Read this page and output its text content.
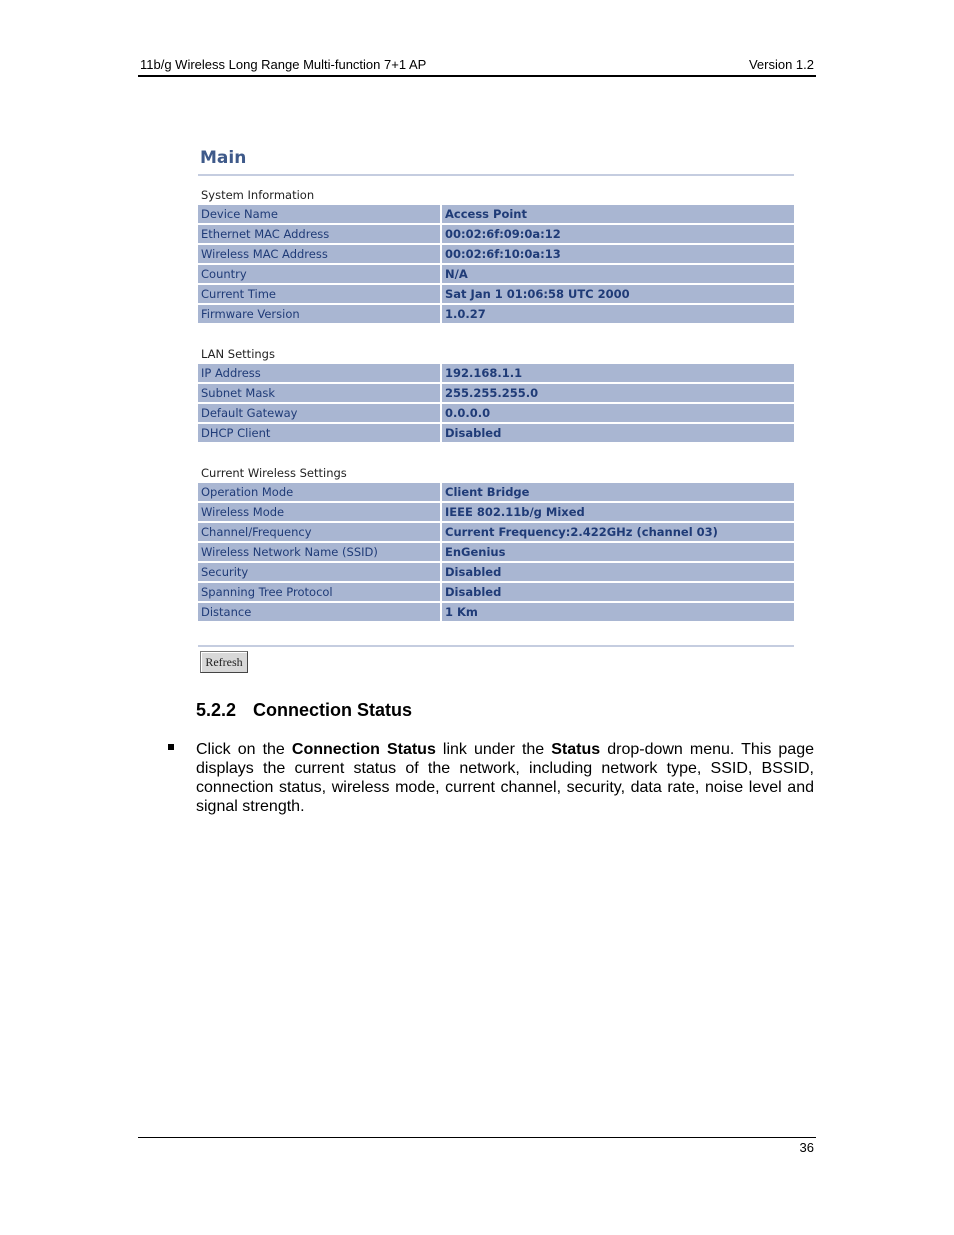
11b/g Wireless Long Range Multi-function 7+1 AP	Version 1.2
Main
System Information
Device Name	Access Point
Ethernet MAC Address	00:02:6f:09:0a:12
Wireless MAC Address	00:02:6f:10:0a:13
Country	N/A
Current Time	Sat Jan 1 01:06:58 UTC 2000
Firmware Version	1.0.27
LAN Settings
IP Address	192.168.1.1
Subnet Mask	255.255.255.0
Default Gateway	0.0.0.0
DHCP Client	Disabled
Current Wireless Settings
Operation Mode	Client Bridge
Wireless Mode	IEEE 802.11b/g Mixed
Channel/Frequency	Current Frequency:2.422GHz (channel 03)
Wireless Network Name (SSID)	EnGenius
Security	Disabled
Spanning Tree Protocol	Disabled
Distance	1 Km
Refresh
5.2.2 Connection Status
Click on the Connection Status link under the Status drop-down menu. This page displays the current status of the network, including network type, SSID, BSSID, connection status, wireless mode, current channel, security, data rate, noise level and signal strength.
36
